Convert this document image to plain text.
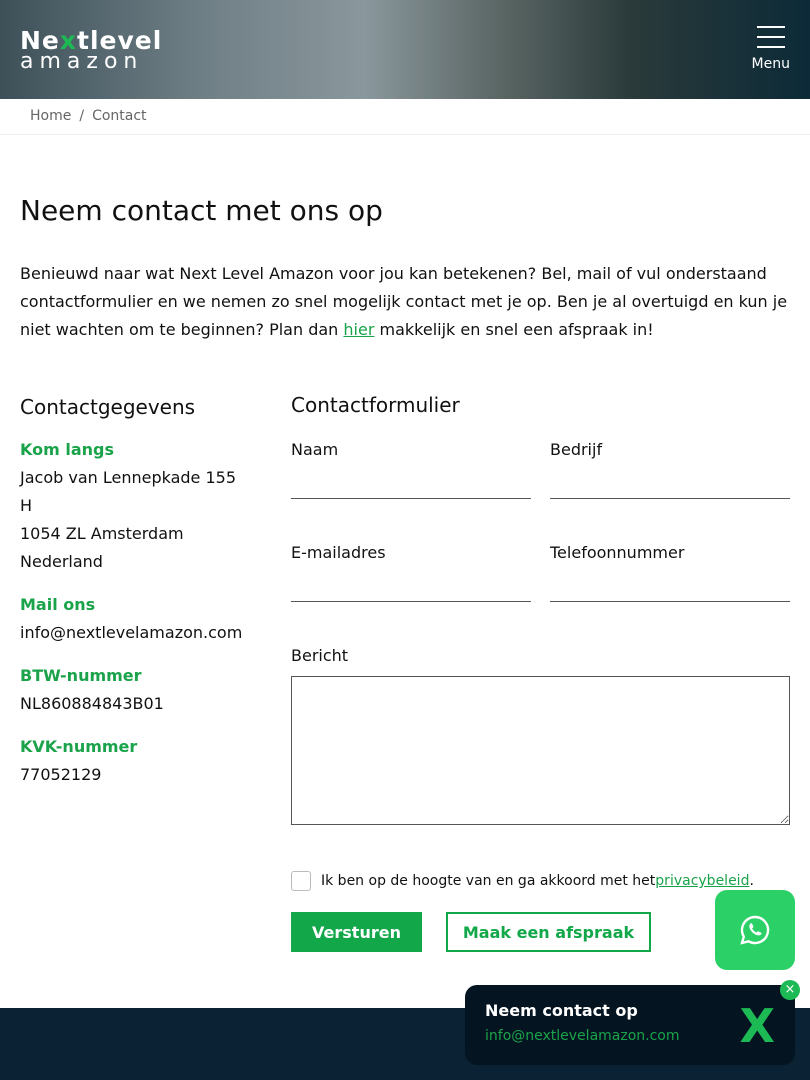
Nextlevel
amazon	Menu
Home / Contact
Neem contact met ons op

Benieuwd naar wat Next Level Amazon voor jou kan betekenen? Bel, mail of vul onderstaand contactformulier en we nemen zo snel mogelijk contact met je op. Ben je al overtuigd en kun je niet wachten om te beginnen? Plan dan hier makkelijk en snel een afspraak in!

Contactgegevens
Kom langs
Jacob van Lennepkade 155
H
1054 ZL Amsterdam
Nederland
Mail ons
info@nextlevelamazon.com
BTW-nummer
NL860884843B01
KVK-nummer
77052129
Contactformulier
Naam	Bedrijf
E-mailadres	Telefoonnummer
Bericht
Ik ben op de hoogte van en ga akkoord met het privacybeleid .
Versturen	Maak een afspraak
Neem contact op
info@nextlevelamazon.com	X
×
